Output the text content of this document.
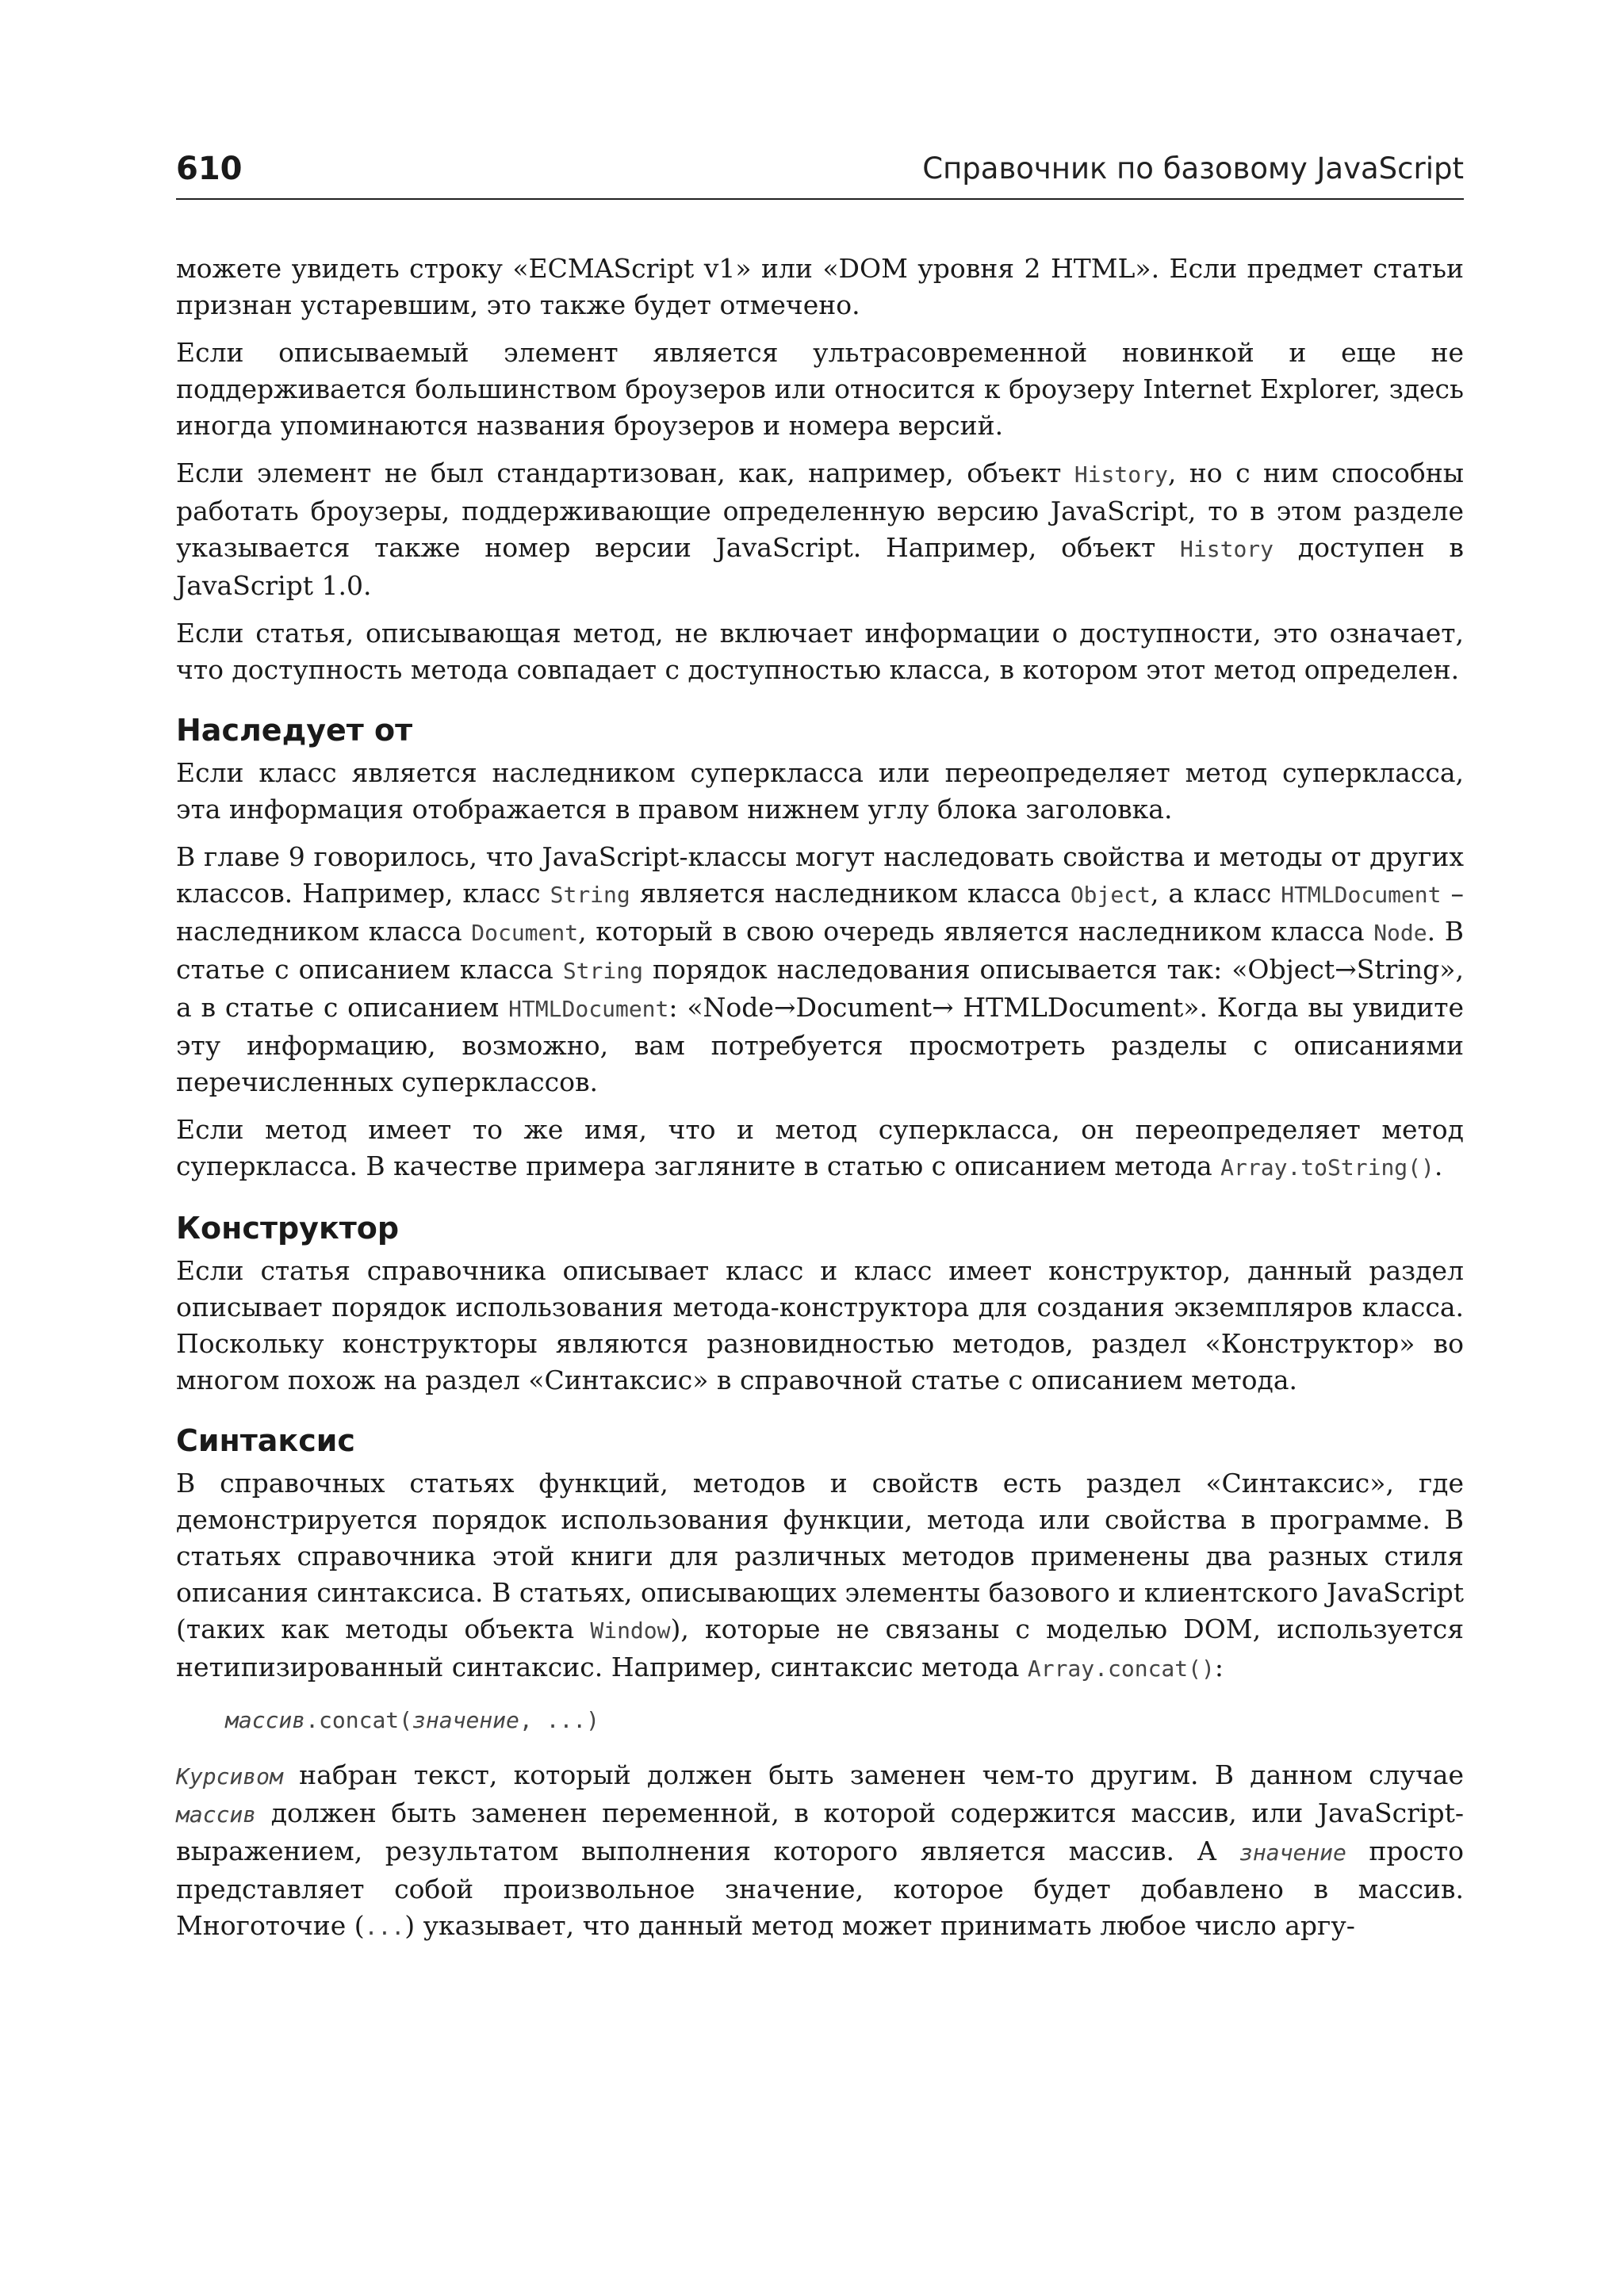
610	Справочник по базовому JavaScript

можете увидеть строку «ECMAScript v1» или «DOM уровня 2 HTML». Если предмет статьи признан устаревшим, это также будет отмечено.

Если описываемый элемент является ультрасовременной новинкой и еще не поддерживается большинством броузеров или относится к броузеру Internet Explorer, здесь иногда упоминаются названия броузеров и номера версий.

Если элемент не был стандартизован, как, например, объект History, но с ним способны работать броузеры, поддерживающие определенную версию JavaScript, то в этом разделе указывается также номер версии JavaScript. Например, объект History доступен в JavaScript 1.0.

Если статья, описывающая метод, не включает информации о доступности, это означает, что доступность метода совпадает с доступностью класса, в котором этот метод определен.

Наследует от

Если класс является наследником суперкласса или переопределяет метод суперкласса, эта информация отображается в правом нижнем углу блока заголовка.

В главе 9 говорилось, что JavaScript-классы могут наследовать свойства и методы от других классов. Например, класс String является наследником класса Object, а класс HTMLDocument – наследником класса Document, который в свою очередь является наследником класса Node. В статье с описанием класса String порядок наследования описывается так: «Object→String», а в статье с описанием HTMLDocument: «Node→Document→ HTMLDocument». Когда вы увидите эту информацию, возможно, вам потребуется просмотреть разделы с описаниями перечисленных суперклассов.

Если метод имеет то же имя, что и метод суперкласса, он переопределяет метод суперкласса. В качестве примера загляните в статью с описанием метода Array.toString().

Конструктор

Если статья справочника описывает класс и класс имеет конструктор, данный раздел описывает порядок использования метода-конструктора для создания экземпляров класса. Поскольку конструкторы являются разновидностью методов, раздел «Конструктор» во многом похож на раздел «Синтаксис» в справочной статье с описанием метода.

Синтаксис

В справочных статьях функций, методов и свойств есть раздел «Синтаксис», где демонстрируется порядок использования функции, метода или свойства в программе. В статьях справочника этой книги для различных методов применены два разных стиля описания синтаксиса. В статьях, описывающих элементы базового и клиентского JavaScript (таких как методы объекта Window), которые не связаны с моделью DOM, используется нетипизированный синтаксис. Например, синтаксис метода Array.concat():

массив.concat(значение, ...)

Курсивом набран текст, который должен быть заменен чем-то другим. В данном случае массив должен быть заменен переменной, в которой содержится массив, или JavaScript-выражением, результатом выполнения которого является массив. А значение просто представляет собой произвольное значение, которое будет добавлено в массив. Многоточие (...) указывает, что данный метод может принимать любое число аргу-
